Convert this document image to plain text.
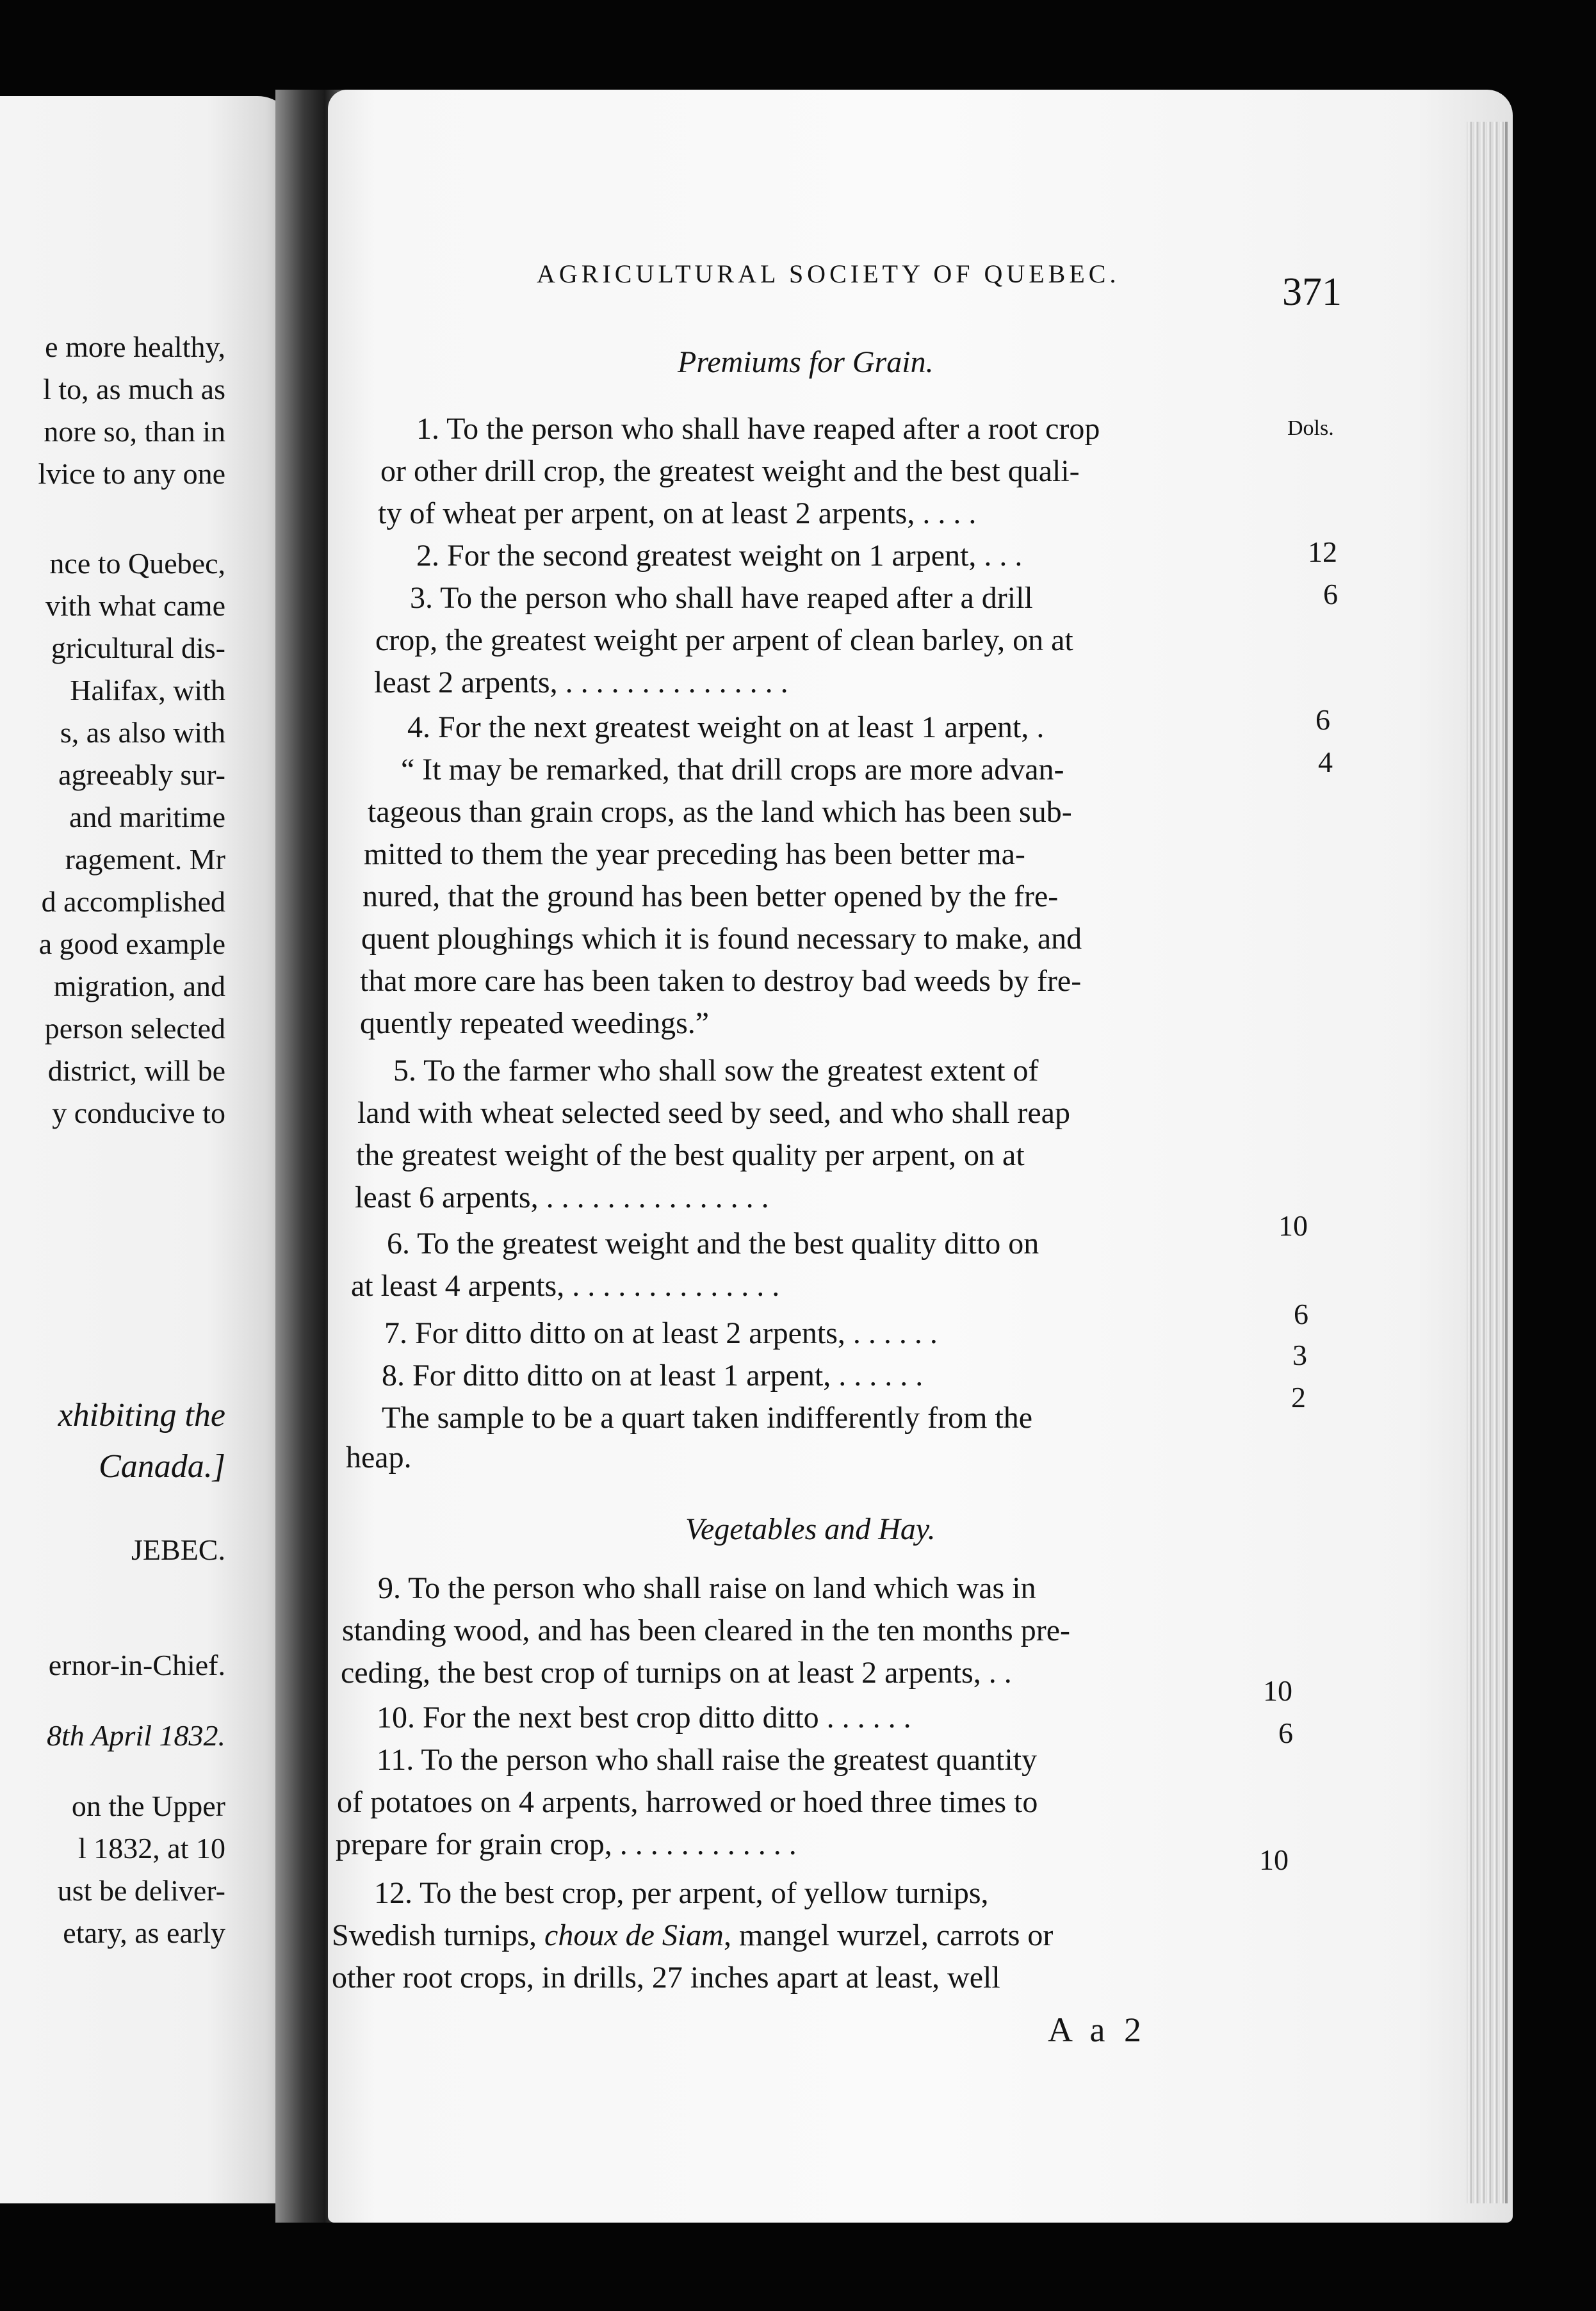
e more healthy,
l to, as much as
nore so, than in
lvice to any one
nce to Quebec,
vith what came
gricultural dis-
Halifax, with
s, as also with
agreeably sur-
and maritime
ragement. Mr
d accomplished
a good example
migration, and
person selected
district, will be
y conducive to
xhibiting the
Canada.]
JEBEC.
ernor-in-Chief.
8th April 1832.
on the Upper
l 1832, at 10
ust be deliver-
etary, as early
AGRICULTURAL SOCIETY OF QUEBEC.	371
Premiums for Grain.
Dols.
1. To the person who shall have reaped after a root crop
or other drill crop, the greatest weight and the best quali-
ty of wheat per arpent, on at least 2 arpents, . . . .
2. For the second greatest weight on 1 arpent, . . .
3. To the person who shall have reaped after a drill
crop, the greatest weight per arpent of clean barley, on at
least 2 arpents, . . . . . . . . . . . . . . .
4. For the next greatest weight on at least 1 arpent, .
“ It may be remarked, that drill crops are more advan-
tageous than grain crops, as the land which has been sub-
mitted to them the year preceding has been better ma-
nured, that the ground has been better opened by the fre-
quent ploughings which it is found necessary to make, and
that more care has been taken to destroy bad weeds by fre-
quently repeated weedings.”
5. To the farmer who shall sow the greatest extent of
land with wheat selected seed by seed, and who shall reap
the greatest weight of the best quality per arpent, on at
least 6 arpents, . . . . . . . . . . . . . . .
6. To the greatest weight and the best quality ditto on
at least 4 arpents, . . . . . . . . . . . . . .
7. For ditto ditto on at least 2 arpents, . . . . . .
8. For ditto ditto on at least 1 arpent, . . . . . .
The sample to be a quart taken indifferently from the
heap.
Vegetables and Hay.
9. To the person who shall raise on land which was in
standing wood, and has been cleared in the ten months pre-
ceding, the best crop of turnips on at least 2 arpents, . .
10. For the next best crop ditto ditto . . . . . .
11. To the person who shall raise the greatest quantity
of potatoes on 4 arpents, harrowed or hoed three times to
prepare for grain crop, . . . . . . . . . . . .
12. To the best crop, per arpent, of yellow turnips,
Swedish turnips, choux de Siam, mangel wurzel, carrots or
other root crops, in drills, 27 inches apart at least, well
12
6
6
4
10
6
3
2
10
6
10
A a 2
